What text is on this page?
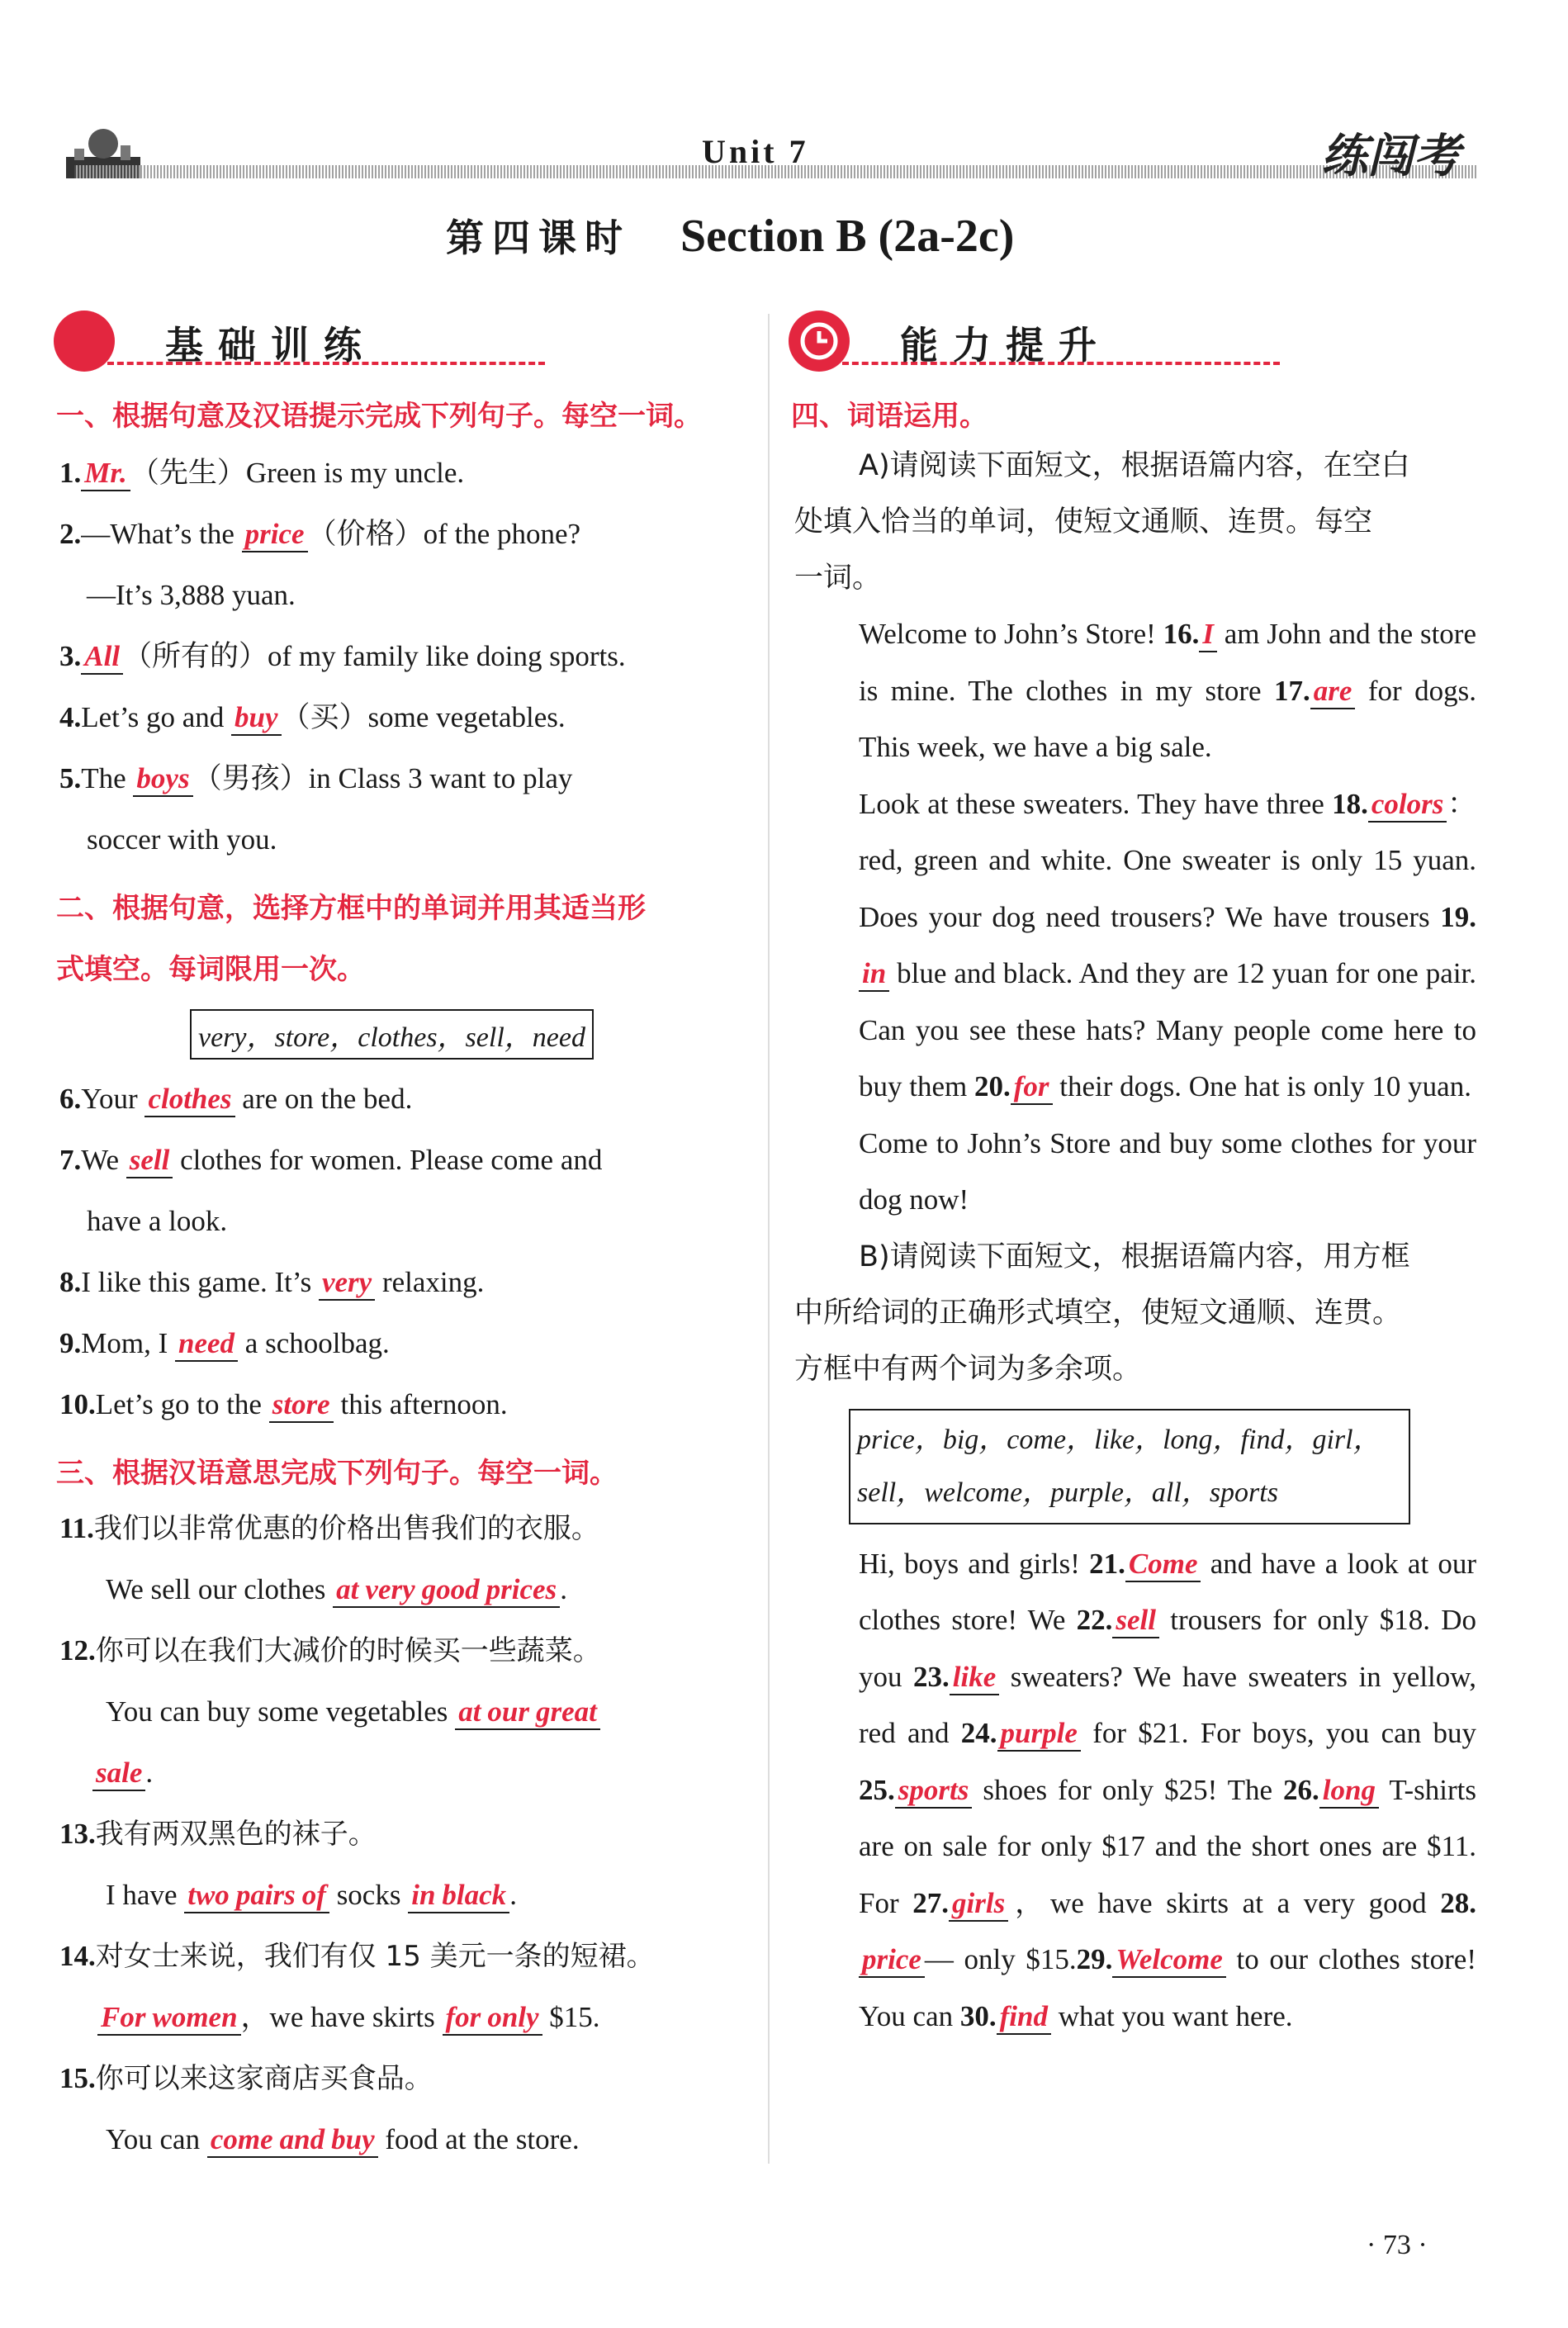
Unit 7	练闯考
第四课时 Section B (2a-2c)
基础训练
一、根据句意及汉语提示完成下列句子。每空一词。
1. Mr. （先生）Green is my uncle.
2.—What’s the price （价格）of the phone?
—It’s 3,888 yuan.
3. All （所有的）of my family like doing sports.
4.Let’s go and buy （买）some vegetables.
5.The boys （男孩）in Class 3 want to play
soccer with you.
二、根据句意，选择方框中的单词并用其适当形
式填空。每词限用一次。
very，store，clothes，sell，need
6.Your clothes are on the bed.
7.We sell clothes for women. Please come and
have a look.
8.I like this game. It’s very relaxing.
9.Mom, I need a schoolbag.
10.Let’s go to the store this afternoon.
三、根据汉语意思完成下列句子。每空一词。
11.我们以非常优惠的价格出售我们的衣服。
We sell our clothes at very good prices .
12.你可以在我们大减价的时候买一些蔬菜。
You can buy some vegetables at our great
sale .
13.我有两双黑色的袜子。
I have two pairs of socks in black .
14.对女士来说，我们有仅 15 美元一条的短裙。
For women ，we have skirts for only $15.
15.你可以来这家商店买食品。
You can come and buy food at the store.
能力提升
四、词语运用。
A)请阅读下面短文，根据语篇内容，在空白
处填入恰当的单词，使短文通顺、连贯。每空
一词。
Welcome to John’s Store! 16. I am John and the store is mine. The clothes in my store 17. are for dogs. This week, we have a big sale.
Look at these sweaters. They have three 18. colors ：red, green and white. One sweater is only 15 yuan. Does your dog need trousers? We have trousers 19.in blue and black. And they are 12 yuan for one pair. Can you see these hats? Many people come here to buy them 20. for their dogs. One hat is only 10 yuan.
Come to John’s Store and buy some clothes for your dog now!
B)请阅读下面短文，根据语篇内容，用方框
中所给词的正确形式填空，使短文通顺、连贯。
方框中有两个词为多余项。
price，big，come，like，long，find，girl，
sell，welcome，purple，all，sports
Hi, boys and girls! 21. Come and have a look at our clothes store! We 22. sell trousers for only $18. Do you 23. like sweaters? We have sweaters in yellow, red and 24. purple for $21. For boys, you can buy 25. sports shoes for only $25! The 26. long T-shirts are on sale for only $17 and the short ones are $11. For 27. girls ，we have skirts at a very good 28.price — only $15.29. Welcome to our clothes store! You can 30. find what you want here.
· 73 ·
